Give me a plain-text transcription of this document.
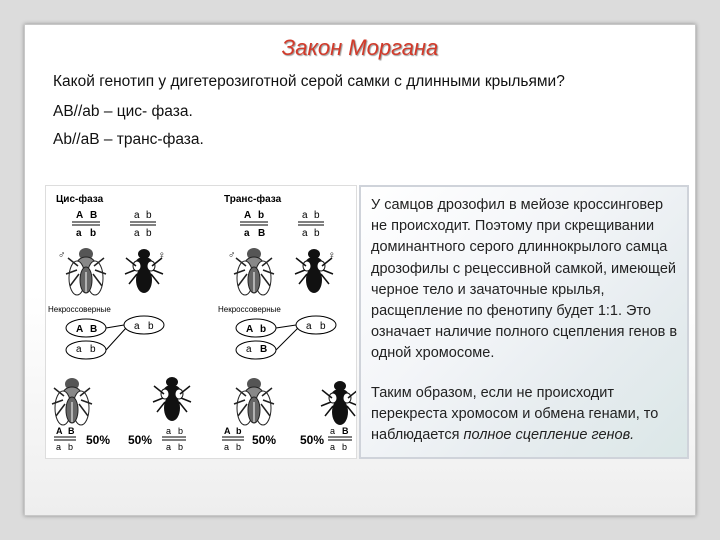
Закон Моргана
Какой генотип у дигетерозиготной серой самки с длинными крыльями?
AB//ab – цис- фаза.
Ab//aB – транс-фаза.
Цис-фаза	Транс-фаза
A B
a b
a b
a b
A b
a B
a b
a b
♂	♀	♂	♀
Некроссоверные	Некроссоверные
A B
a b
a b	A b
a B
a b
A B
a b 50% 50%
a b
a b
A b
a b 50% 50%
a B
a b
У самцов дрозофил в мейозе кроссинговер не происходит. Поэтому при скрещивании доминантного серого длиннокрылого самца дрозофилы с рецессивной самкой, имеющей черное тело и зачаточные крылья, расщепление по фенотипу будет 1:1. Это означает наличие полного сцепления генов в одной хромосоме.
Таким образом, если не происходит перекреста хромосом и обмена генами, то наблюдается полное сцепление генов.
